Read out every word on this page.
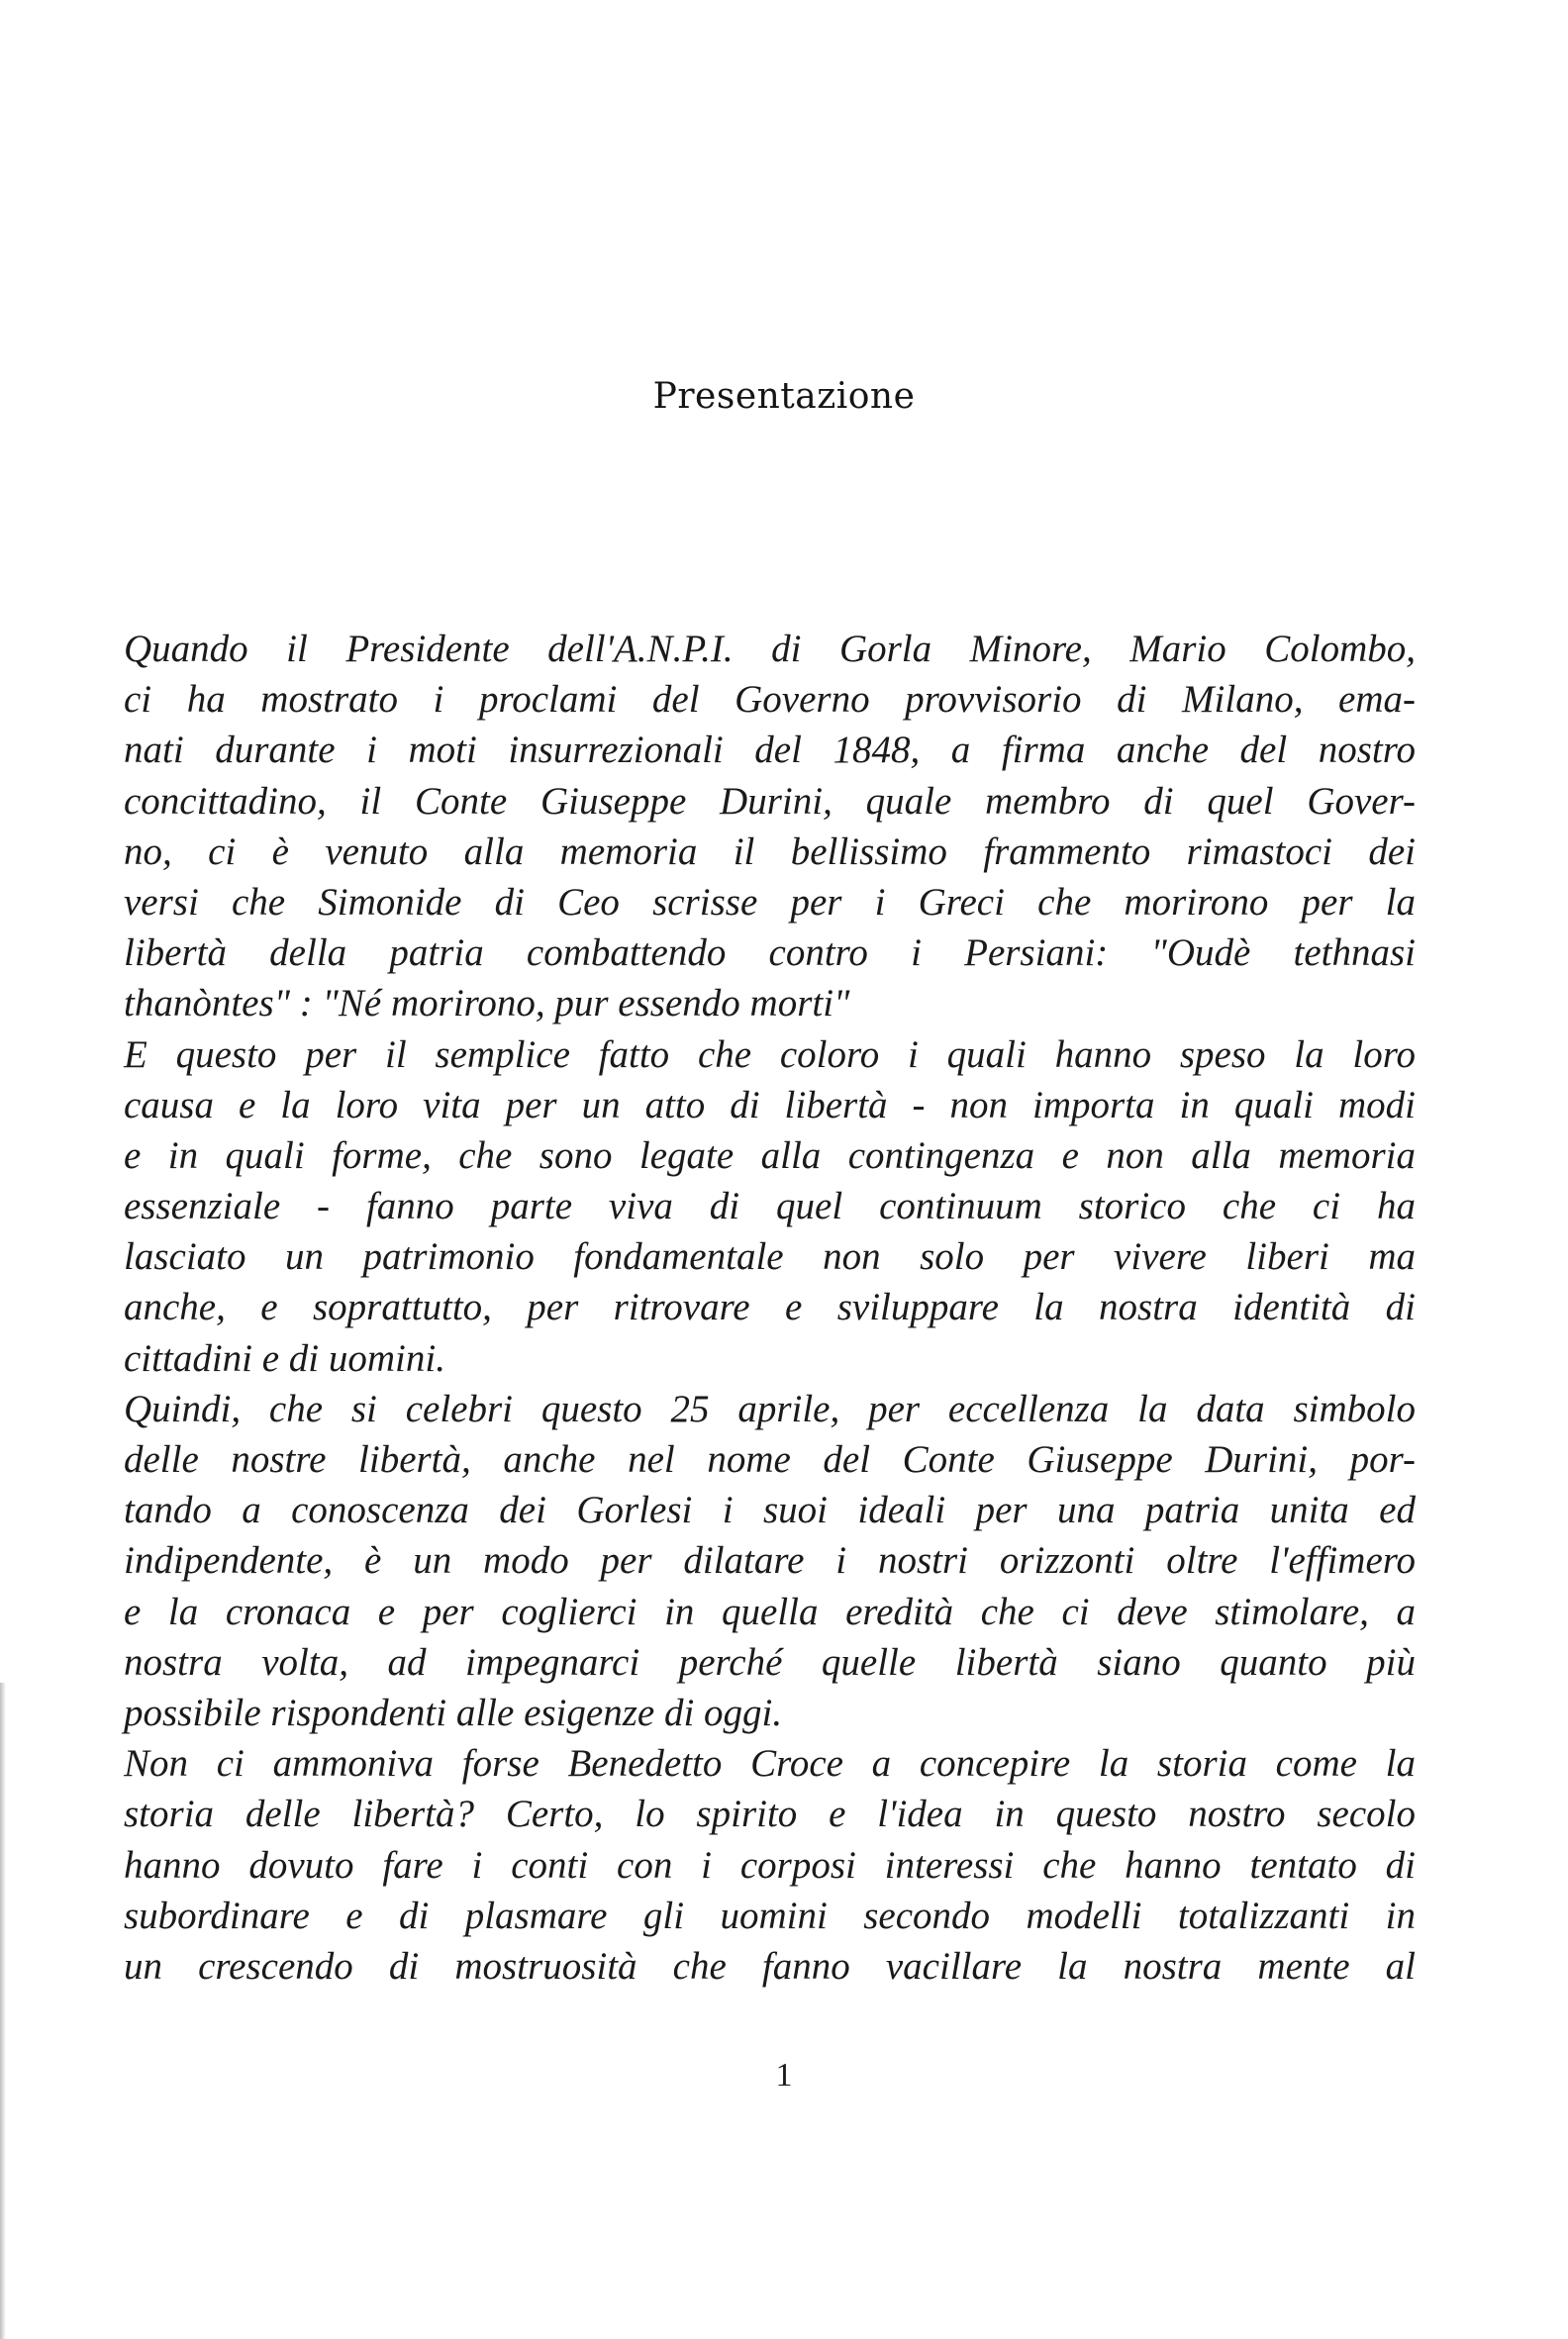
Presentazione
Quando il Presidente dell'A.N.P.I. di Gorla Minore, Mario Colombo,
ci ha mostrato i proclami del Governo provvisorio di Milano, ema-
nati durante i moti insurrezionali del 1848, a firma anche del nostro
concittadino, il Conte Giuseppe Durini, quale membro di quel Gover-
no, ci è venuto alla memoria il bellissimo frammento rimastoci dei
versi che Simonide di Ceo scrisse per i Greci che morirono per la
libertà della patria combattendo contro i Persiani: "Oudè tethnasi
thanòntes" : "Né morirono, pur essendo morti"
E questo per il semplice fatto che coloro i quali hanno speso la loro
causa e la loro vita per un atto di libertà - non importa in quali modi
e in quali forme, che sono legate alla contingenza e non alla memoria
essenziale - fanno parte viva di quel continuum storico che ci ha
lasciato un patrimonio fondamentale non solo per vivere liberi ma
anche, e soprattutto, per ritrovare e sviluppare la nostra identità di
cittadini e di uomini.
Quindi, che si celebri questo 25 aprile, per eccellenza la data simbolo
delle nostre libertà, anche nel nome del Conte Giuseppe Durini, por-
tando a conoscenza dei Gorlesi i suoi ideali per una patria unita ed
indipendente, è un modo per dilatare i nostri orizzonti oltre l'effimero
e la cronaca e per coglierci in quella eredità che ci deve stimolare, a
nostra volta, ad impegnarci perché quelle libertà siano quanto più
possibile rispondenti alle esigenze di oggi.
Non ci ammoniva forse Benedetto Croce a concepire la storia come la
storia delle libertà? Certo, lo spirito e l'idea in questo nostro secolo
hanno dovuto fare i conti con i corposi interessi che hanno tentato di
subordinare e di plasmare gli uomini secondo modelli totalizzanti in
un crescendo di mostruosità che fanno vacillare la nostra mente al
1
